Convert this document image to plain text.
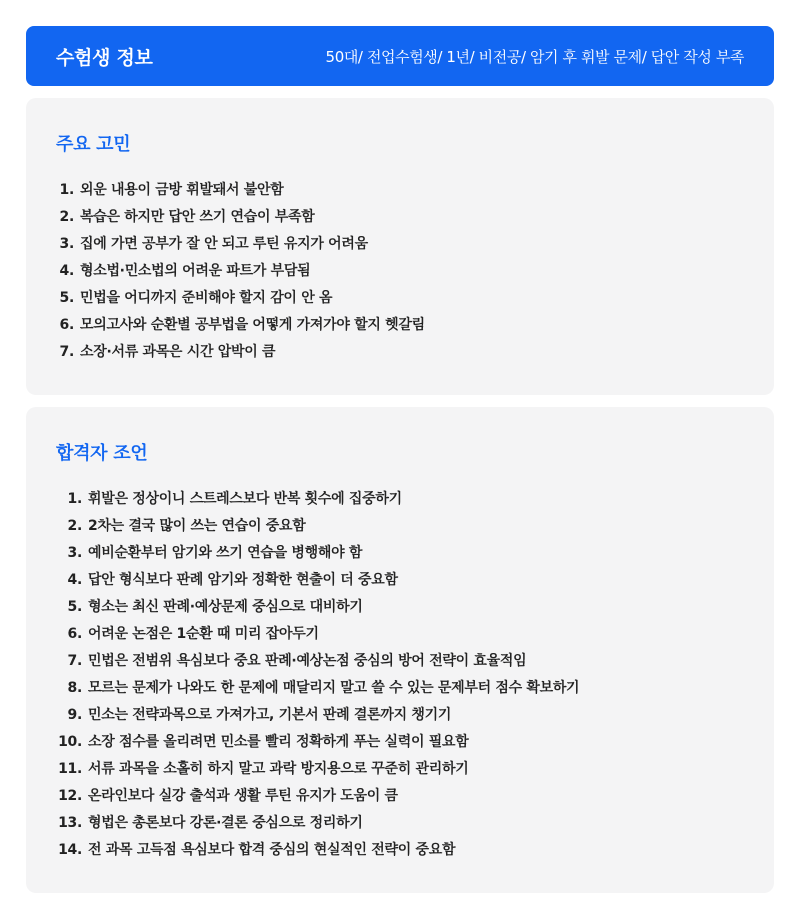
수험생 정보	50대/ 전업수험생/ 1년/ 비전공/ 암기 후 휘발 문제/ 답안 작성 부족
주요 고민
1. 외운 내용이 금방 휘발돼서 불안함
2. 복습은 하지만 답안 쓰기 연습이 부족함
3. 집에 가면 공부가 잘 안 되고 루틴 유지가 어려움
4. 형소법·민소법의 어려운 파트가 부담됨
5. 민법을 어디까지 준비해야 할지 감이 안 옴
6. 모의고사와 순환별 공부법을 어떻게 가져가야 할지 헷갈림
7. 소장·서류 과목은 시간 압박이 큼
합격자 조언
1. 휘발은 정상이니 스트레스보다 반복 횟수에 집중하기
2. 2차는 결국 많이 쓰는 연습이 중요함
3. 예비순환부터 암기와 쓰기 연습을 병행해야 함
4. 답안 형식보다 판례 암기와 정확한 현출이 더 중요함
5. 형소는 최신 판례·예상문제 중심으로 대비하기
6. 어려운 논점은 1순환 때 미리 잡아두기
7. 민법은 전범위 욕심보다 중요 판례·예상논점 중심의 방어 전략이 효율적임
8. 모르는 문제가 나와도 한 문제에 매달리지 말고 쓸 수 있는 문제부터 점수 확보하기
9. 민소는 전략과목으로 가져가고, 기본서 판례 결론까지 챙기기
10. 소장 점수를 올리려면 민소를 빨리 정확하게 푸는 실력이 필요함
11. 서류 과목을 소홀히 하지 말고 과락 방지용으로 꾸준히 관리하기
12. 온라인보다 실강 출석과 생활 루틴 유지가 도움이 큼
13. 형법은 총론보다 강론·결론 중심으로 정리하기
14. 전 과목 고득점 욕심보다 합격 중심의 현실적인 전략이 중요함
